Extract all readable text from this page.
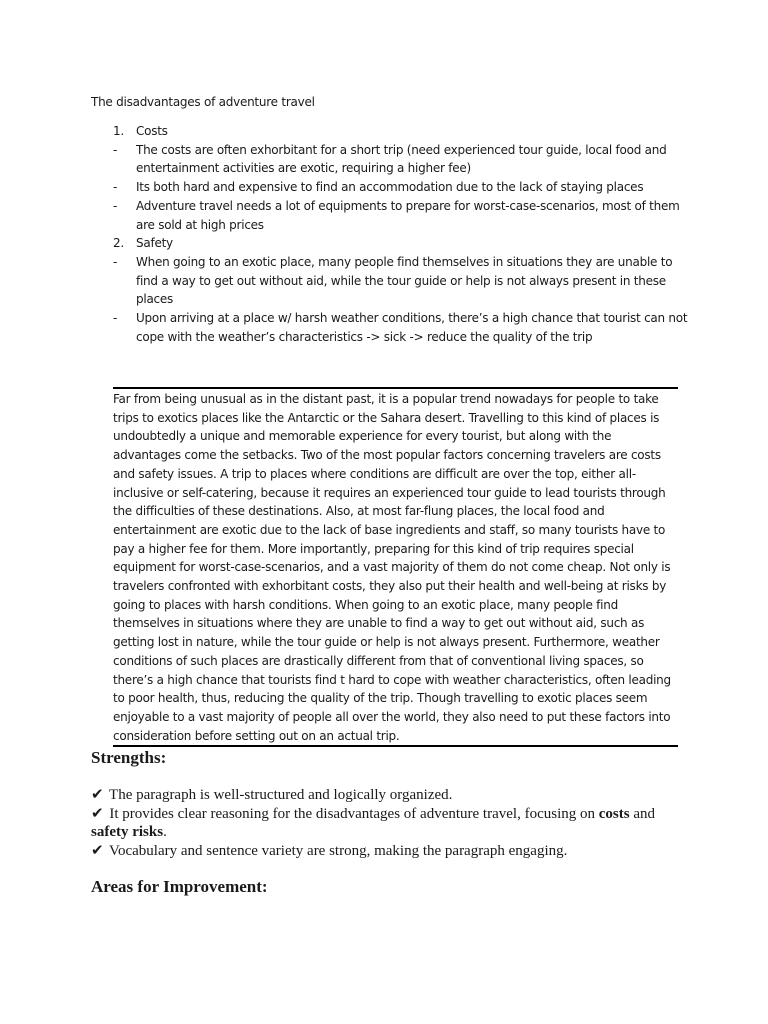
The disadvantages of adventure travel
1.	Costs
-	The costs are often exhorbitant for a short trip (need experienced tour guide, local food and entertainment activities are exotic, requiring a higher fee)
-	Its both hard and expensive to find an accommodation due to the lack of staying places
-	Adventure travel needs a lot of equipments to prepare for worst-case-scenarios, most of them are sold at high prices
2.	Safety
-	When going to an exotic place, many people find themselves in situations they are unable to find a way to get out without aid, while the tour guide or help is not always present in these places
-	Upon arriving at a place w/ harsh weather conditions, there’s a high chance that tourist can not cope with the weather’s characteristics -> sick -> reduce the quality of the trip

Far from being unusual as in the distant past, it is a popular trend nowadays for people to take trips to exotics places like the Antarctic or the Sahara desert. Travelling to this kind of places is undoubtedly a unique and memorable experience for every tourist, but along with the advantages come the setbacks. Two of the most popular factors concerning travelers are costs and safety issues. A trip to places where conditions are difficult are over the top, either all-inclusive or self-catering, because it requires an experienced tour guide to lead tourists through the difficulties of these destinations. Also, at most far-flung places, the local food and entertainment are exotic due to the lack of base ingredients and staff, so many tourists have to pay a higher fee for them. More importantly, preparing for this kind of trip requires special equipment for worst-case-scenarios, and a vast majority of them do not come cheap. Not only is travelers confronted with exhorbitant costs, they also put their health and well-being at risks by going to places with harsh conditions. When going to an exotic place, many people find themselves in situations where they are unable to find a way to get out without aid, such as getting lost in nature, while the tour guide or help is not always present. Furthermore, weather conditions of such places are drastically different from that of conventional living spaces, so there’s a high chance that tourists find t hard to cope with weather characteristics, often leading to poor health, thus, reducing the quality of the trip. Though travelling to exotic places seem enjoyable to a vast majority of people all over the world, they also need to put these factors into consideration before setting out on an actual trip.

Strengths:

✔ The paragraph is well-structured and logically organized.

✔ It provides clear reasoning for the disadvantages of adventure travel, focusing on costs and safety risks.

✔ Vocabulary and sentence variety are strong, making the paragraph engaging.

Areas for Improvement:
